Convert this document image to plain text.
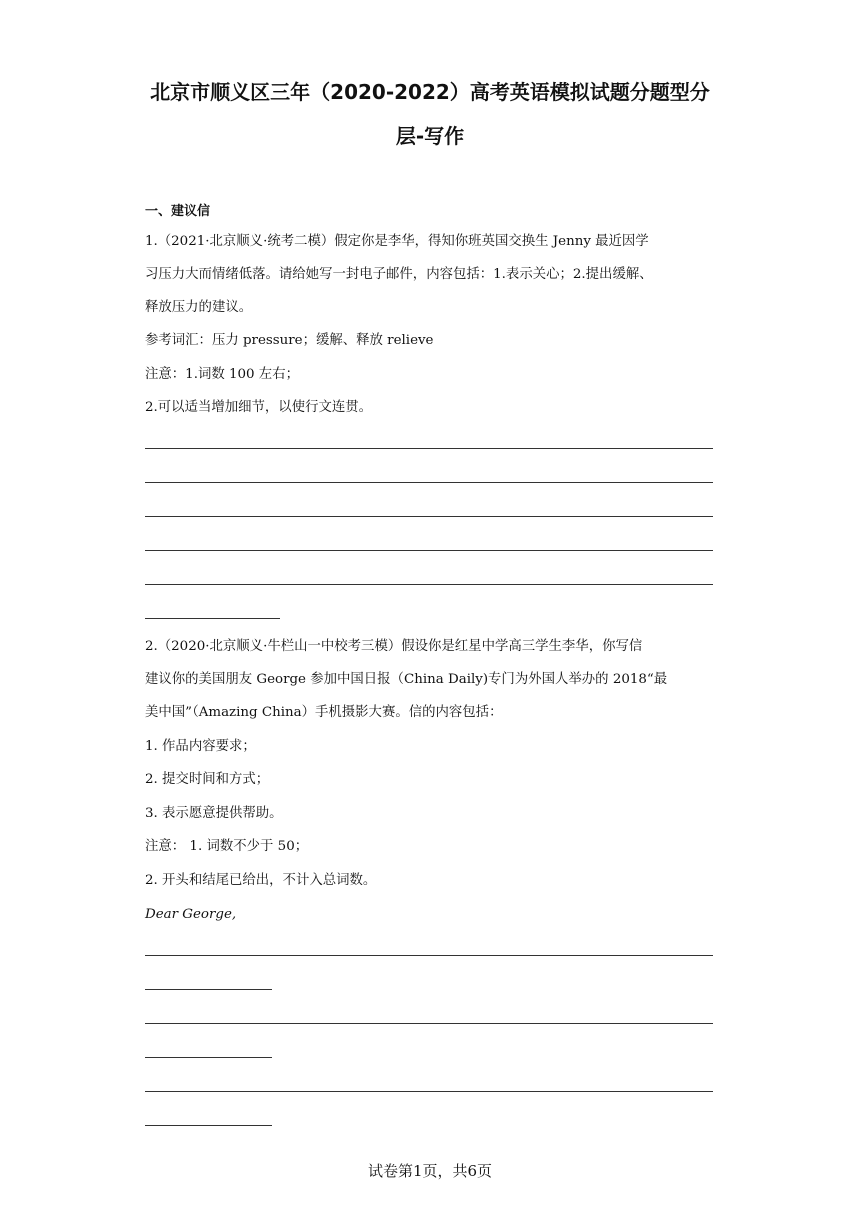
北京市顺义区三年（2020-2022）高考英语模拟试题分题型分
层-写作
一、建议信
1.（2021·北京顺义·统考二模）假定你是李华，得知你班英国交换生 Jenny 最近因学
习压力大而情绪低落。请给她写一封电子邮件，内容包括：1.表示关心；2.提出缓解、
释放压力的建议。
参考词汇：压力 pressure；缓解、释放 relieve
注意：1.词数 100 左右；
2.可以适当增加细节，以使行文连贯。
2.（2020·北京顺义·牛栏山一中校考三模）假设你是红星中学高三学生李华，你写信
建议你的美国朋友 George 参加中国日报（China Daily)专门为外国人举办的 2018“最
美中国”（Amazing China）手机摄影大赛。信的内容包括：
1. 作品内容要求；
2. 提交时间和方式；
3. 表示愿意提供帮助。
注意： 1. 词数不少于 50；
2. 开头和结尾已给出，不计入总词数。
Dear George,
试卷第1页，共6页
